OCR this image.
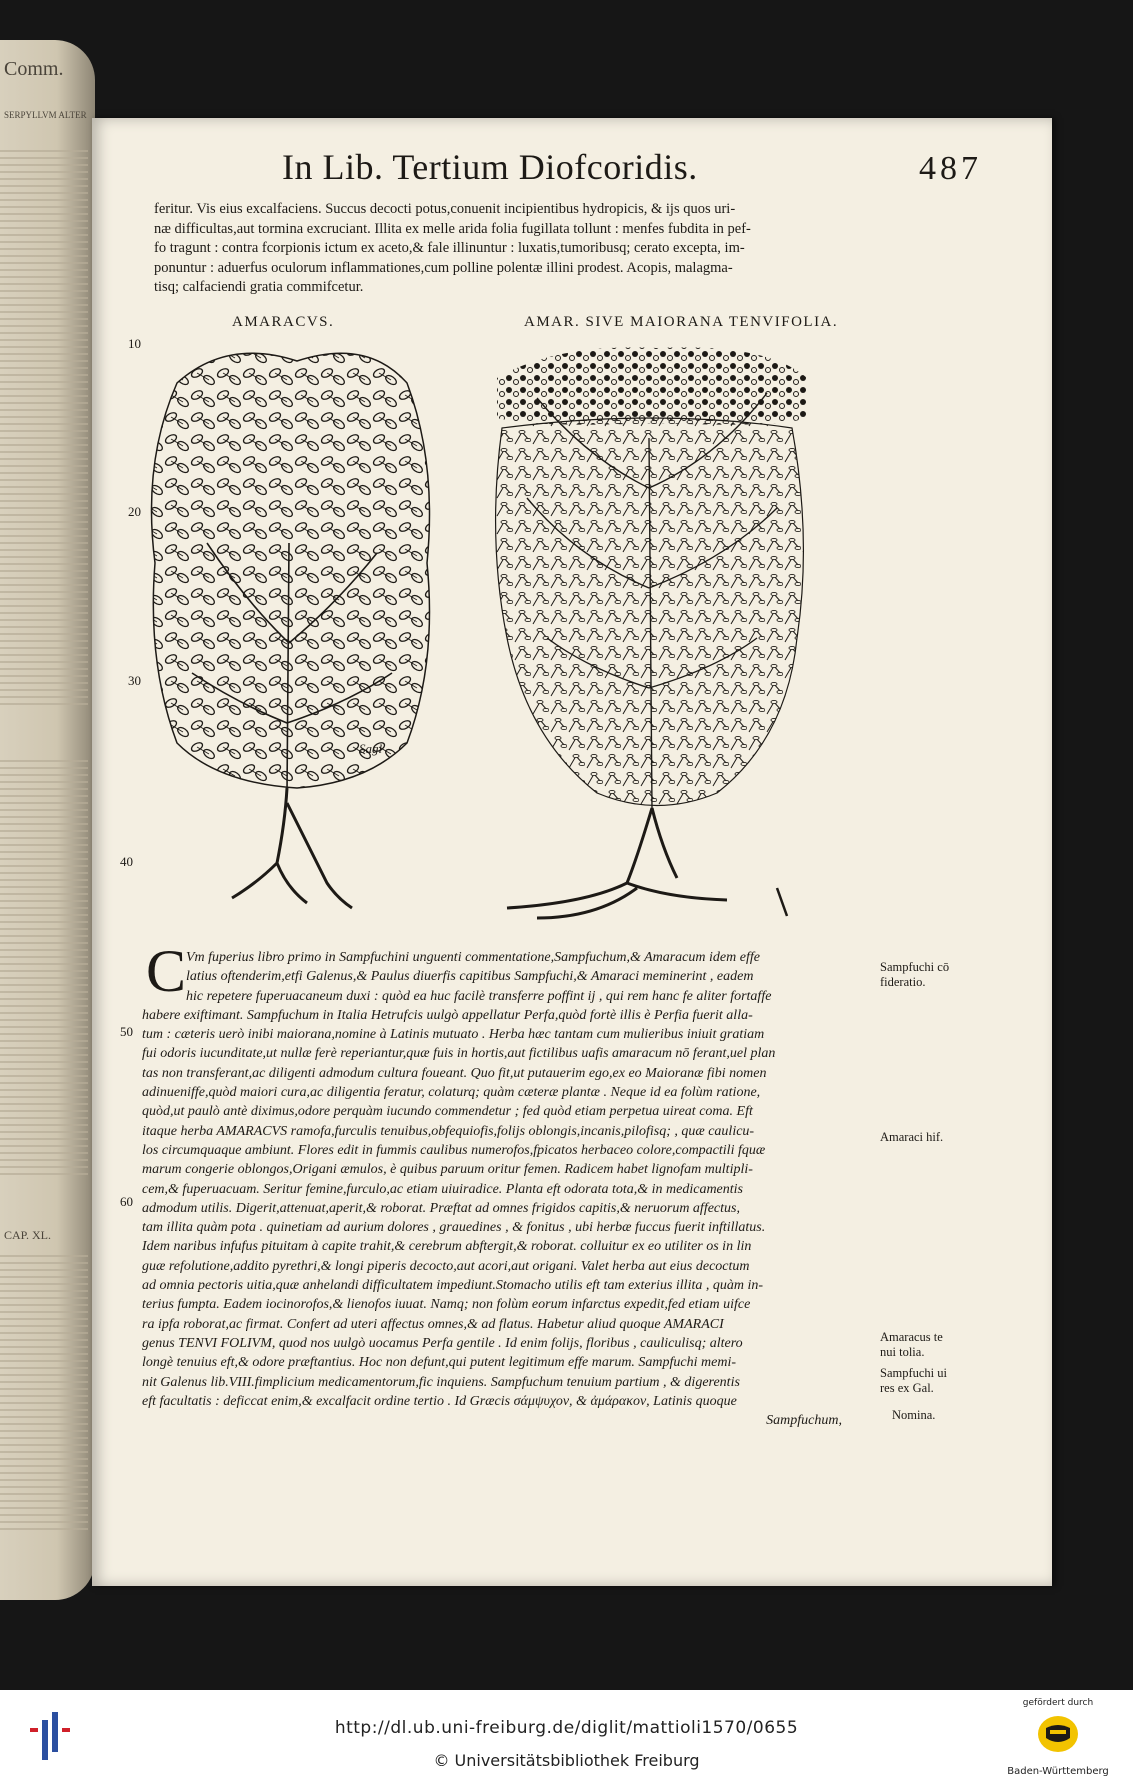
Comm.
SERPYLLVM ALTER
CAP. XL.
In Lib. Tertium Diofcoridis.	487
feritur. Vis eius excalfaciens. Succus decocti potus,conuenit incipientibus hydropicis, & ijs quos uri-
næ difficultas,aut tormina excruciant. Illita ex melle arida folia fugillata tollunt : menfes fubdita in pef-
fo tragunt : contra fcorpionis ictum ex aceto,& fale illinuntur : luxatis,tumoribusq; cerato excepta, im-
ponuntur : aduerfus oculorum inflammationes,cum polline polentæ illini prodest. Acopis, malagma-
tisq; calfaciendi gratia commifcetur.
AMARACVS.	AMAR. SIVE MAIORANA TENVIFOLIA.
10
20
30
40
50
60
Sagl
C Vm fuperius libro primo in Sampfuchini unguenti commentatione,Sampfuchum,& Amaracum idem effe
latius oftenderim,etfi Galenus,& Paulus diuerfis capitibus Sampfuchi,& Amaraci meminerint , eadem
hic repetere fuperuacaneum duxi : quòd ea huc facilè transferre poffint ij , qui rem hanc fe aliter fortaffe
habere exiftimant. Sampfuchum in Italia Hetrufcis uulgò appellatur Perfa,quòd fortè illis è Perfia fuerit alla-
tum : cæteris uerò inibi maiorana,nomine à Latinis mutuato . Herba hæc tantam cum mulieribus iniuit gratiam
fui odoris iucunditate,ut nullæ ferè reperiantur,quæ fuis in hortis,aut fictilibus uafis amaracum nō ferant,uel plan
tas non transferant,ac diligenti admodum cultura foueant. Quo fit,ut putauerim ego,ex eo Maioranæ fibi nomen
adinueniffe,quòd maiori cura,ac diligentia feratur, colaturq; quàm cæteræ plantæ . Neque id ea folùm ratione,
quòd,ut paulò antè diximus,odore perquàm iucundo commendetur ; fed quòd etiam perpetua uireat coma. Eft
itaque herba AMARACVS ramofa,furculis tenuibus,obfequiofis,folijs oblongis,incanis,pilofisq; , quæ caulicu-
los circumquaque ambiunt. Flores edit in fummis caulibus numerofos,fpicatos herbaceo colore,compactili fquæ
marum congerie oblongos,Origani æmulos, è quibus paruum oritur femen. Radicem habet lignofam multipli-
cem,& fuperuacuam. Seritur femine,furculo,ac etiam uiuiradice. Planta eft odorata tota,& in medicamentis
admodum utilis. Digerit,attenuat,aperit,& roborat. Præftat ad omnes frigidos capitis,& neruorum affectus,
tam illita quàm pota . quinetiam ad aurium dolores , grauedines , & fonitus , ubi herbæ fuccus fuerit inftillatus.
Idem naribus infufus pituitam à capite trahit,& cerebrum abftergit,& roborat. colluitur ex eo utiliter os in lin
guæ refolutione,addito pyrethri,& longi piperis decocto,aut acori,aut origani. Valet herba aut eius decoctum
ad omnia pectoris uitia,quæ anhelandi difficultatem impediunt.Stomacho utilis eft tam exterius illita , quàm in-
terius fumpta. Eadem iocinorofos,& lienofos iuuat. Namq; non folùm eorum infarctus expedit,fed etiam uifce
ra ipfa roborat,ac firmat. Confert ad uteri affectus omnes,& ad flatus. Habetur aliud quoque AMARACI
genus TENVI FOLIVM, quod nos uulgò uocamus Perfa gentile . Id enim folijs, floribus , cauliculisq; altero
longè tenuius eft,& odore præftantius. Hoc non defunt,qui putent legitimum effe marum. Sampfuchi memi-
nit Galenus lib.VIII.fimplicium medicamentorum,fic inquiens. Sampfuchum tenuium partium , & digerentis
eft facultatis : deficcat enim,& excalfacit ordine tertio . Id Græcis σάμψυχον, & ἀμάρακον, Latinis quoque
Sampfuchum,
Sampfuchi cō
fideratio.
Amaraci hif.
Amaracus te
nui tolia.
Sampfuchi ui
res ex Gal.
Nomina.
http://dl.ub.uni-freiburg.de/diglit/mattioli1570/0655
© Universitätsbibliothek Freiburg
gefördert durch
Baden-Württemberg
